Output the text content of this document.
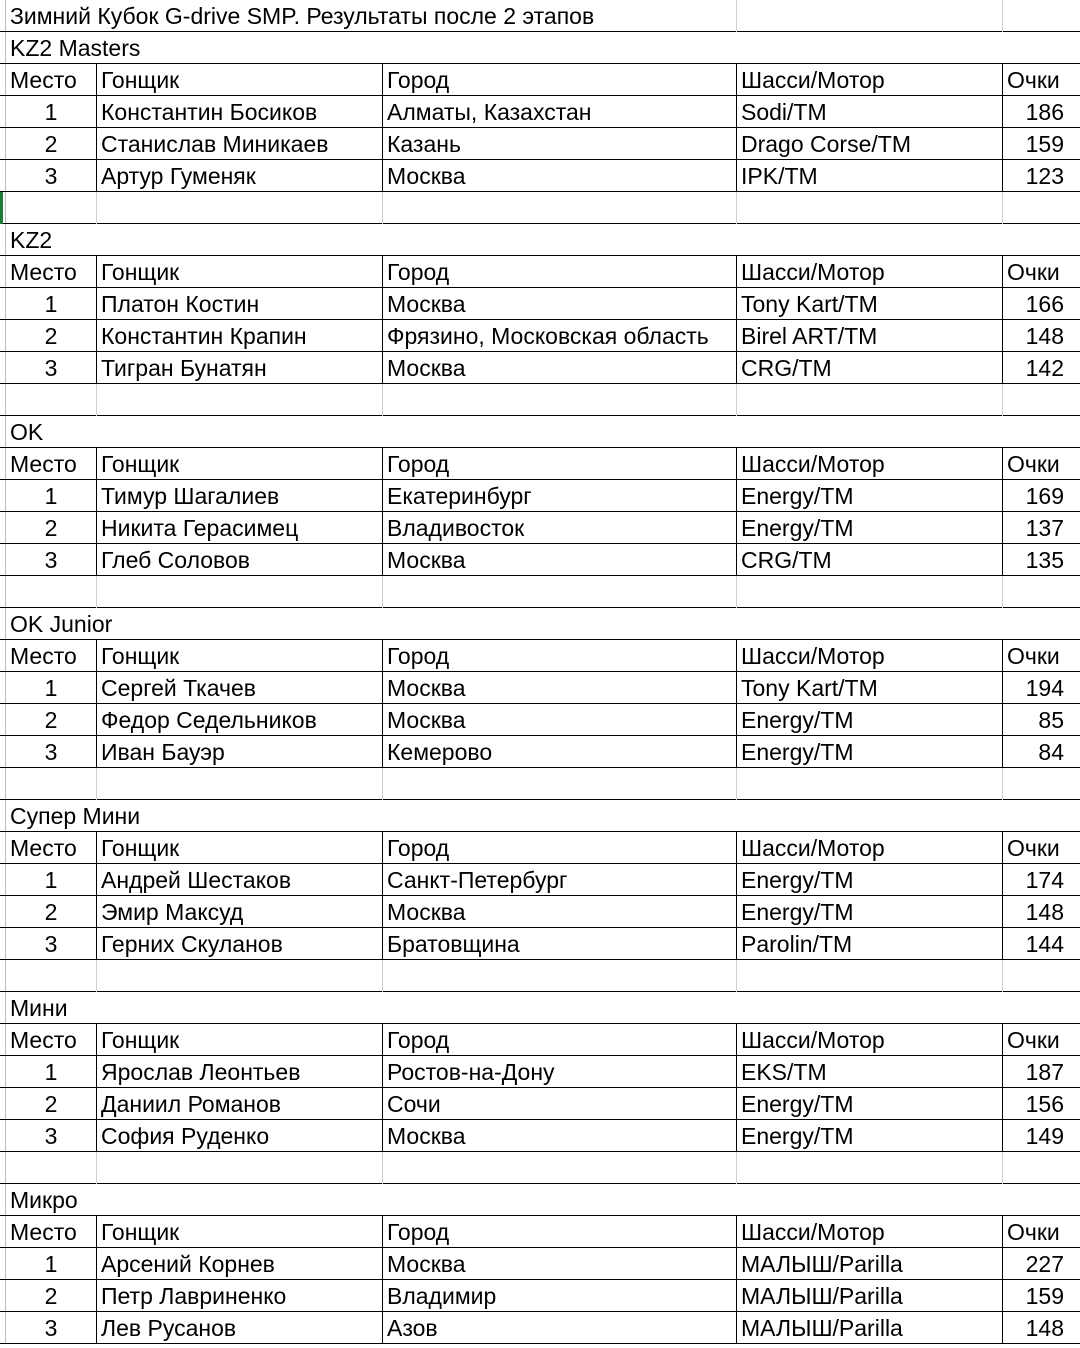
Зимний Кубок G-drive SMP. Результаты после 2 этапов
KZ2 Masters
Место	Гонщик	Город	Шасси/Мотор	Очки
1	Константин Босиков	Алматы, Казахстан	Sodi/TM	186
2	Станислав Миникаев	Казань	Drago Corse/TM	159
3	Артур Гуменяк	Москва	IPK/TM	123
KZ2
Место	Гонщик	Город	Шасси/Мотор	Очки
1	Платон Костин	Москва	Tony Kart/TM	166
2	Константин Крапин	Фрязино, Московская область	Birel ART/TM	148
3	Тигран Бунатян	Москва	CRG/TM	142
OK
Место	Гонщик	Город	Шасси/Мотор	Очки
1	Тимур Шагалиев	Екатеринбург	Energy/TM	169
2	Никита Герасимец	Владивосток	Energy/TM	137
3	Глеб Соловов	Москва	CRG/TM	135
OK Junior
Место	Гонщик	Город	Шасси/Мотор	Очки
1	Сергей Ткачев	Москва	Tony Kart/TM	194
2	Федор Седельников	Москва	Energy/TM	85
3	Иван Бауэр	Кемерово	Energy/TM	84
Супер Мини
Место	Гонщик	Город	Шасси/Мотор	Очки
1	Андрей Шестаков	Санкт-Петербург	Energy/TM	174
2	Эмир Максуд	Москва	Energy/TM	148
3	Герних Скуланов	Братовщина	Parolin/TM	144
Мини
Место	Гонщик	Город	Шасси/Мотор	Очки
1	Ярослав Леонтьев	Ростов-на-Дону	EKS/TM	187
2	Даниил Романов	Сочи	Energy/TM	156
3	София Руденко	Москва	Energy/TM	149
Микро
Место	Гонщик	Город	Шасси/Мотор	Очки
1	Арсений Корнев	Москва	МАЛЫШ/Parilla	227
2	Петр Лавриненко	Владимир	МАЛЫШ/Parilla	159
3	Лев Русанов	Азов	МАЛЫШ/Parilla	148
